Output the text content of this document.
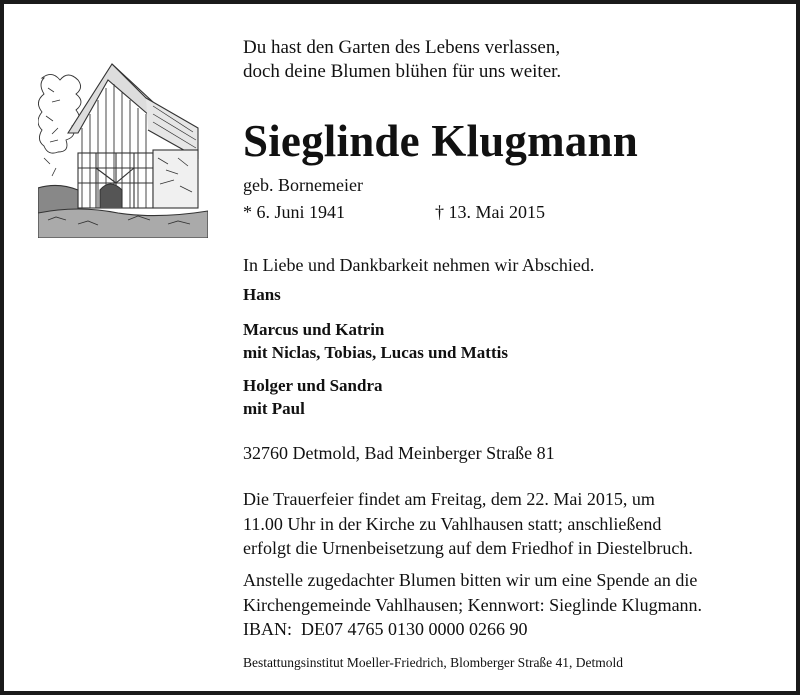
Du hast den Garten des Lebens verlassen,
doch deine Blumen blühen für uns weiter.
Sieglinde Klugmann
geb. Bornemeier
* 6. Juni 1941	† 13. Mai 2015
In Liebe und Dankbarkeit nehmen wir Abschied.
Hans
Marcus und Katrin
mit Niclas, Tobias, Lucas und Mattis
Holger und Sandra
mit Paul
32760 Detmold, Bad Meinberger Straße 81
Die Trauerfeier findet am Freitag, dem 22. Mai 2015, um
11.00 Uhr in der Kirche zu Vahlhausen statt; anschließend
erfolgt die Urnenbeisetzung auf dem Friedhof in Diestelbruch.
Anstelle zugedachter Blumen bitten wir um eine Spende an die
Kirchengemeinde Vahlhausen; Kennwort: Sieglinde Klugmann.
IBAN:  DE07 4765 0130 0000 0266 90
Bestattungsinstitut Moeller-Friedrich, Blomberger Straße 41, Detmold
